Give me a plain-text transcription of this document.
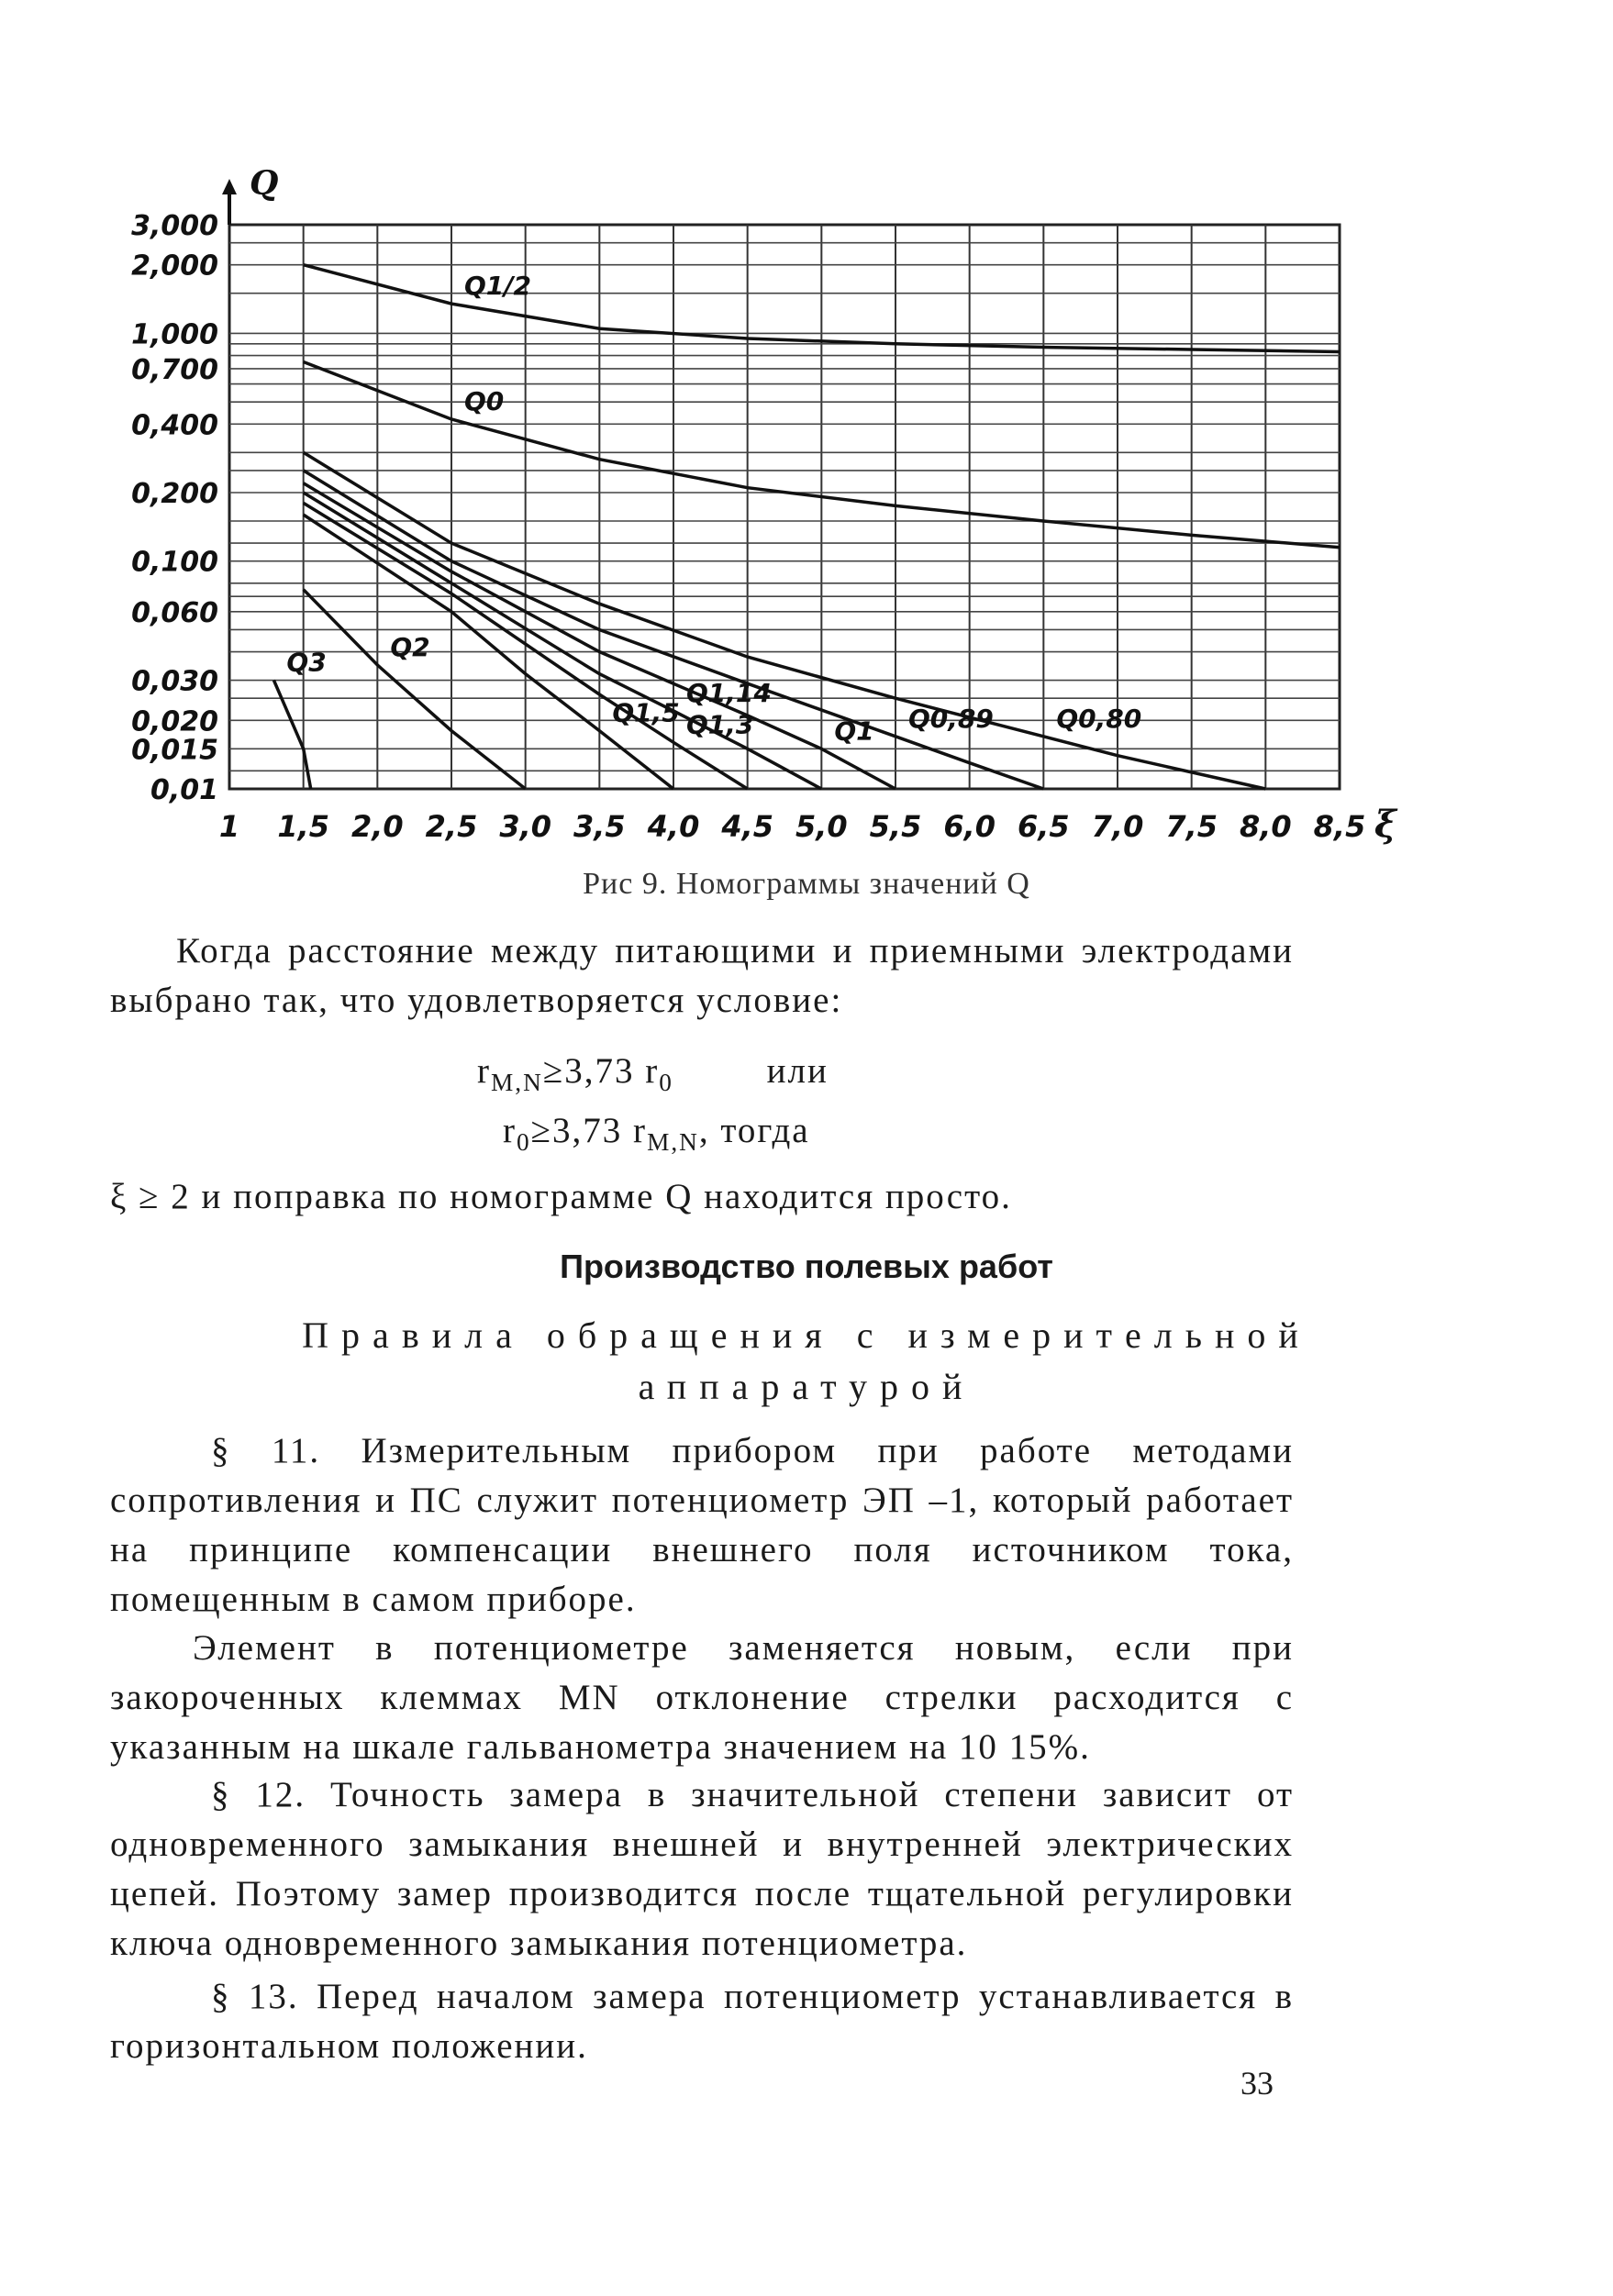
1 1,5 2,0 2,5 3,0 3,5 4,0 4,5 5,0 5,5 6,0 6,5 7,0 7,5 8,0 8,5
3,000
2,000
1,000
0,700
0,400
0,200
0,100
0,060
0,030
0,020
0,015
0,01
Q
ξ
Q1/2
Q0
Q0,80
Q0,89
Q1
Q1,14
Q1,3
Q1,5
Q2
Q3
Рис 9. Номограммы значений Q
Когда расстояние между питающими и приемными электродами выбрано так, что удовлетворяется условие:
$r_{M,N}\ge 3,73$ $r_0$	или
$r_0\ge 3,73$ $r_{M,N}$, тогда
ξ ≥ 2 и поправка по номограмме Q находится просто.
Производство полевых работ
Правила обращения с измерительной аппаратурой
§ 11. Измерительным прибором при работе методами сопротивления и ПС служит потенциометр ЭП –1, который работает на принципе компенсации внешнего поля источником тока, помещенным в самом приборе.
Элемент в потенциометре заменяется новым, если при закороченных клеммах MN отклонение стрелки расходится с указанным на шкале гальванометра значением на 10 15%.
§ 12. Точность замера в значительной степени зависит от одновременного замыкания внешней и внутренней электрических цепей. Поэтому замер производится после тщательной регулировки ключа одновременного замыкания потенциометра.
§ 13. Перед началом замера потенциометр устанавливается в горизонтальном положении.
33
